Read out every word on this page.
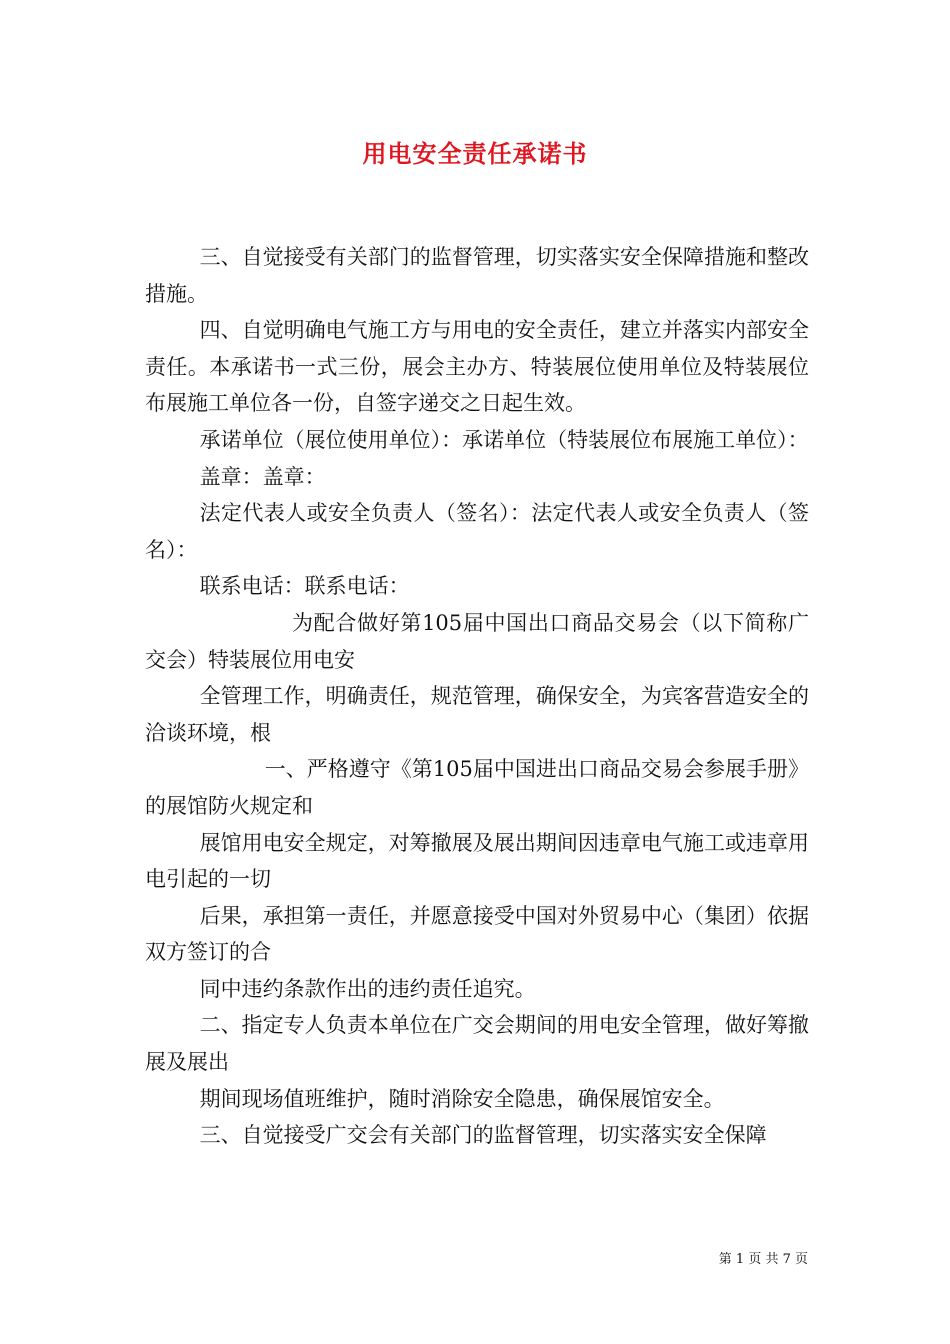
用电安全责任承诺书

三、自觉接受有关部门的监督管理，切实落实安全保障措施和整改措施。

四、自觉明确电气施工方与用电的安全责任，建立并落实内部安全责任。本承诺书一式三份，展会主办方、特装展位使用单位及特装展位布展施工单位各一份，自签字递交之日起生效。

承诺单位（展位使用单位）：承诺单位（特装展位布展施工单位）：

盖章：盖章：

法定代表人或安全负责人（签名）：法定代表人或安全负责人（签名）：

联系电话：联系电话：

为配合做好第105届中国出口商品交易会（以下简称广交会）特装展位用电安

全管理工作，明确责任，规范管理，确保安全，为宾客营造安全的洽谈环境，根

一、严格遵守《第105届中国进出口商品交易会参展手册》的展馆防火规定和

展馆用电安全规定，对筹撤展及展出期间因违章电气施工或违章用电引起的一切

后果，承担第一责任，并愿意接受中国对外贸易中心（集团）依据双方签订的合

同中违约条款作出的违约责任追究。

二、指定专人负责本单位在广交会期间的用电安全管理，做好筹撤展及展出

期间现场值班维护，随时消除安全隐患，确保展馆安全。

三、自觉接受广交会有关部门的监督管理，切实落实安全保障

第 1 页 共 7 页
